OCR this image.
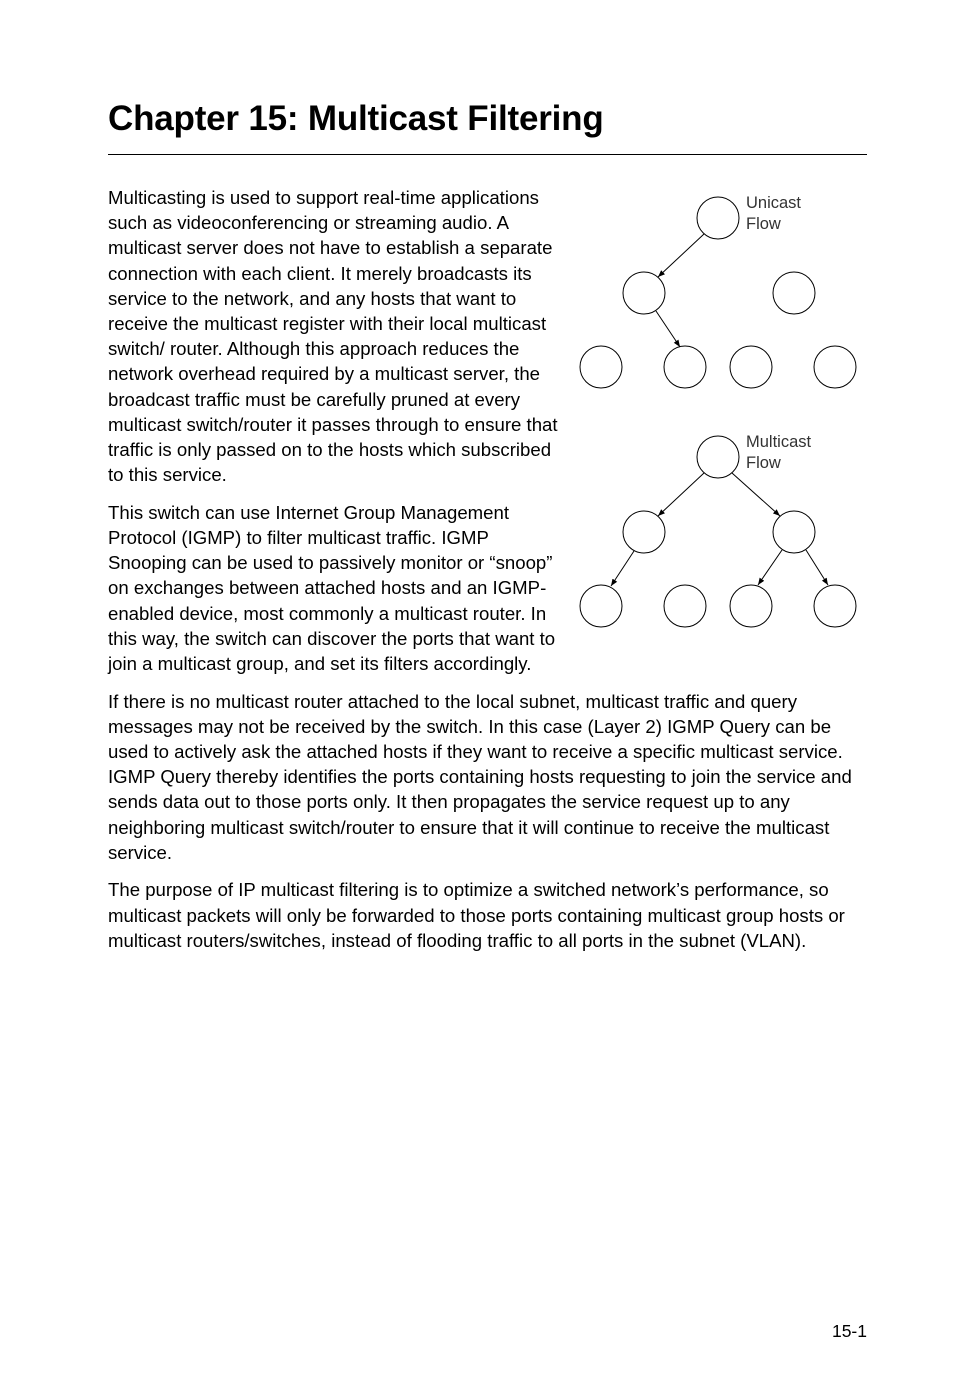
Chapter 15: Multicast Filtering
Unicast
Flow
Multicast
Flow

Multicasting is used to support real-time applications such as videoconferencing or streaming audio. A multicast server does not have to establish a separate connection with each client. It merely broadcasts its service to the network, and any hosts that want to receive the multicast register with their local multicast switch/ router. Although this approach reduces the network overhead required by a multicast server, the broadcast traffic must be carefully pruned at every multicast switch/router it passes through to ensure that traffic is only passed on to the hosts which subscribed to this service.

This switch can use Internet Group Management Protocol (IGMP) to filter multicast traffic. IGMP Snooping can be used to passively monitor or “snoop” on exchanges between attached hosts and an IGMP-enabled device, most commonly a multicast router. In this way, the switch can discover the ports that want to join a multicast group, and set its filters accordingly.

If there is no multicast router attached to the local subnet, multicast traffic and query messages may not be received by the switch. In this case (Layer 2) IGMP Query can be used to actively ask the attached hosts if they want to receive a specific multicast service. IGMP Query thereby identifies the ports containing hosts requesting to join the service and sends data out to those ports only. It then propagates the service request up to any neighboring multicast switch/router to ensure that it will continue to receive the multicast service.

The purpose of IP multicast filtering is to optimize a switched network’s performance, so multicast packets will only be forwarded to those ports containing multicast group hosts or multicast routers/switches, instead of flooding traffic to all ports in the subnet (VLAN).

15-1
